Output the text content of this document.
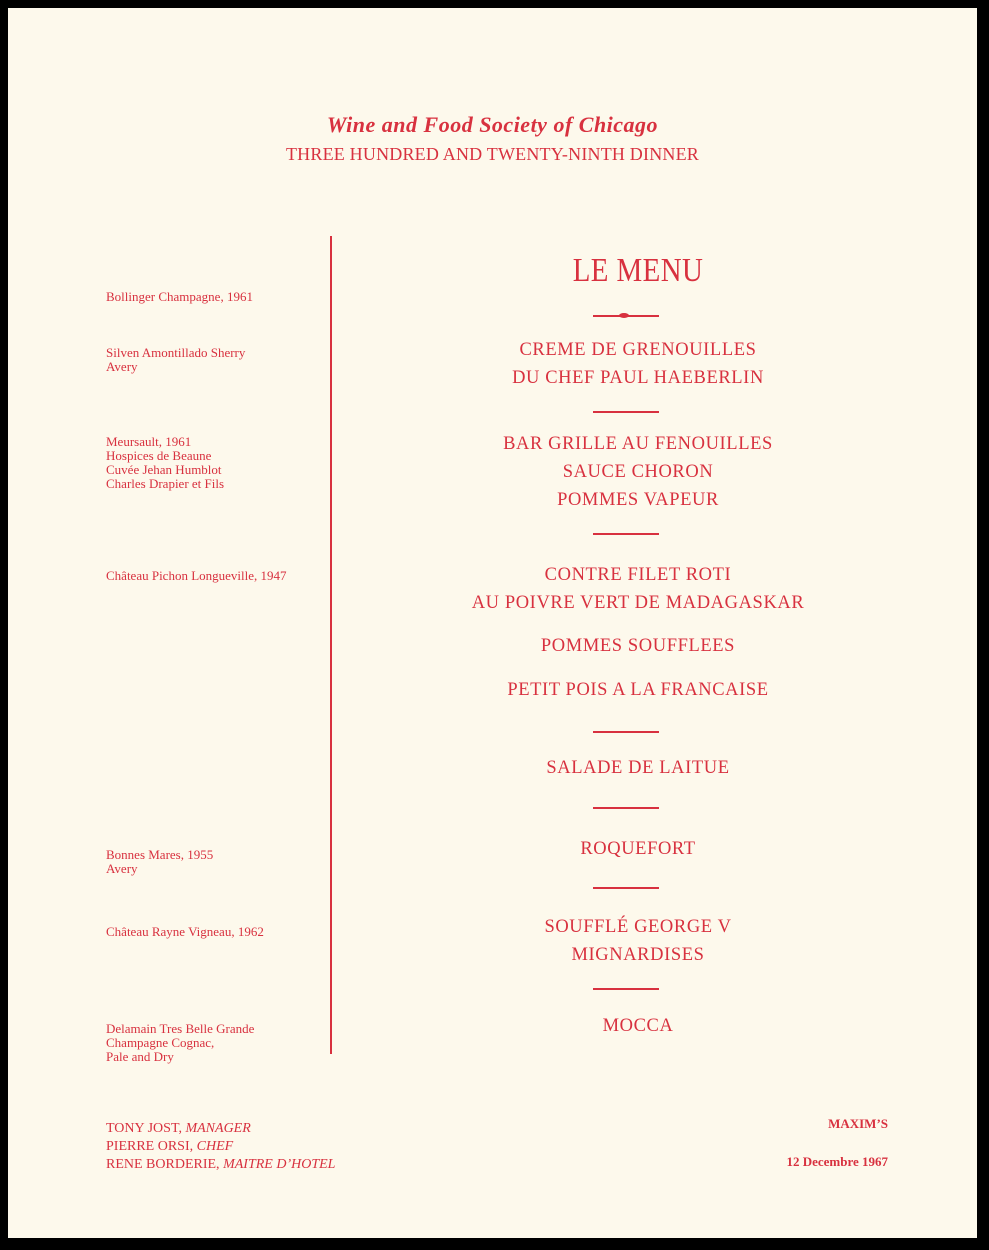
Wine and Food Society of Chicago
THREE HUNDRED AND TWENTY-NINTH DINNER
Bollinger Champagne, 1961
Silven Amontillado Sherry
Avery
Meursault, 1961
Hospices de Beaune
Cuvée Jehan Humblot
Charles Drapier et Fils
Château Pichon Longueville, 1947
Bonnes Mares, 1955
Avery
Château Rayne Vigneau, 1962
Delamain Tres Belle Grande
Champagne Cognac,
Pale and Dry
LE MENU
CREME DE GRENOUILLES
DU CHEF PAUL HAEBERLIN
BAR GRILLE AU FENOUILLES
SAUCE CHORON
POMMES VAPEUR
CONTRE FILET ROTI
AU POIVRE VERT DE MADAGASKAR
POMMES SOUFFLEES
PETIT POIS A LA FRANCAISE
SALADE DE LAITUE
ROQUEFORT
SOUFFLÉ GEORGE V
MIGNARDISES
MOCCA
TONY JOST, MANAGER
PIERRE ORSI, CHEF
RENE BORDERIE, MAITRE D’HOTEL
MAXIM’S
12 Decembre 1967
